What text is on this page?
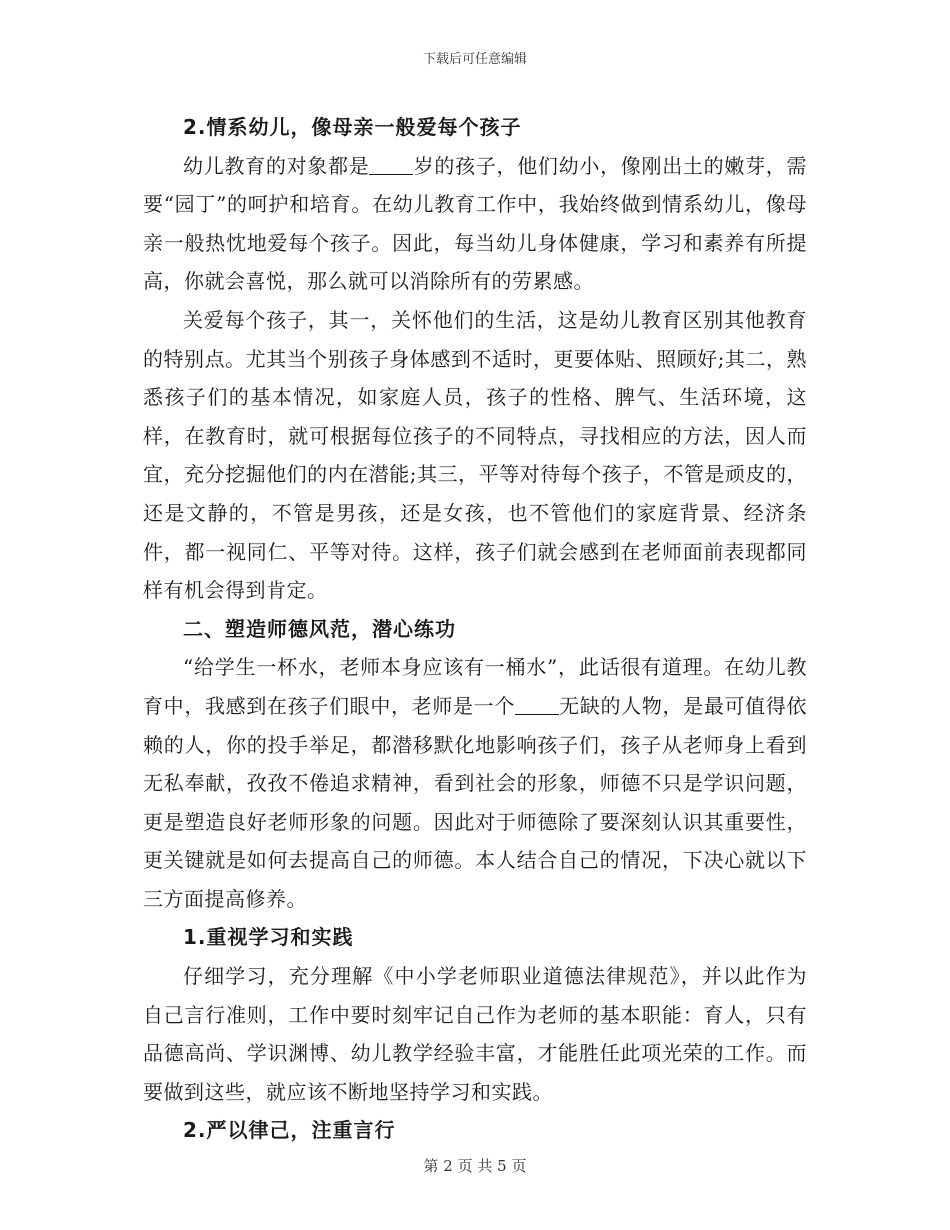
下载后可任意编辑

2.情系幼儿，像母亲一般爱每个孩子

幼儿教育的对象都是 岁的孩子，他们幼小，像刚出土的嫩芽，需要“园丁”的呵护和培育。在幼儿教育工作中，我始终做到情系幼儿，像母亲一般热忱地爱每个孩子。因此，每当幼儿身体健康，学习和素养有所提高，你就会喜悦，那么就可以消除所有的劳累感。

关爱每个孩子，其一，关怀他们的生活，这是幼儿教育区别其他教育的特别点。尤其当个别孩子身体感到不适时，更要体贴、照顾好;其二，熟悉孩子们的基本情况，如家庭人员，孩子的性格、脾气、生活环境，这样，在教育时，就可根据每位孩子的不同特点，寻找相应的方法，因人而宜，充分挖掘他们的内在潜能;其三，平等对待每个孩子，不管是顽皮的，还是文静的，不管是男孩，还是女孩，也不管他们的家庭背景、经济条件，都一视同仁、平等对待。这样，孩子们就会感到在老师面前表现都同样有机会得到肯定。

二、塑造师德风范，潜心练功

“给学生一杯水，老师本身应该有一桶水”，此话很有道理。在幼儿教育中，我感到在孩子们眼中，老师是一个 无缺的人物，是最可值得依赖的人，你的投手举足，都潜移默化地影响孩子们，孩子从老师身上看到无私奉献，孜孜不倦追求精神，看到社会的形象，师德不只是学识问题，更是塑造良好老师形象的问题。因此对于师德除了要深刻认识其重要性，更关键就是如何去提高自己的师德。本人结合自己的情况，下决心就以下三方面提高修养。

1.重视学习和实践

仔细学习，充分理解《中小学老师职业道德法律规范》，并以此作为自己言行准则，工作中要时刻牢记自己作为老师的基本职能：育人，只有品德高尚、学识渊博、幼儿教学经验丰富，才能胜任此项光荣的工作。而要做到这些，就应该不断地坚持学习和实践。

2.严以律己，注重言行

第 2 页 共 5 页
